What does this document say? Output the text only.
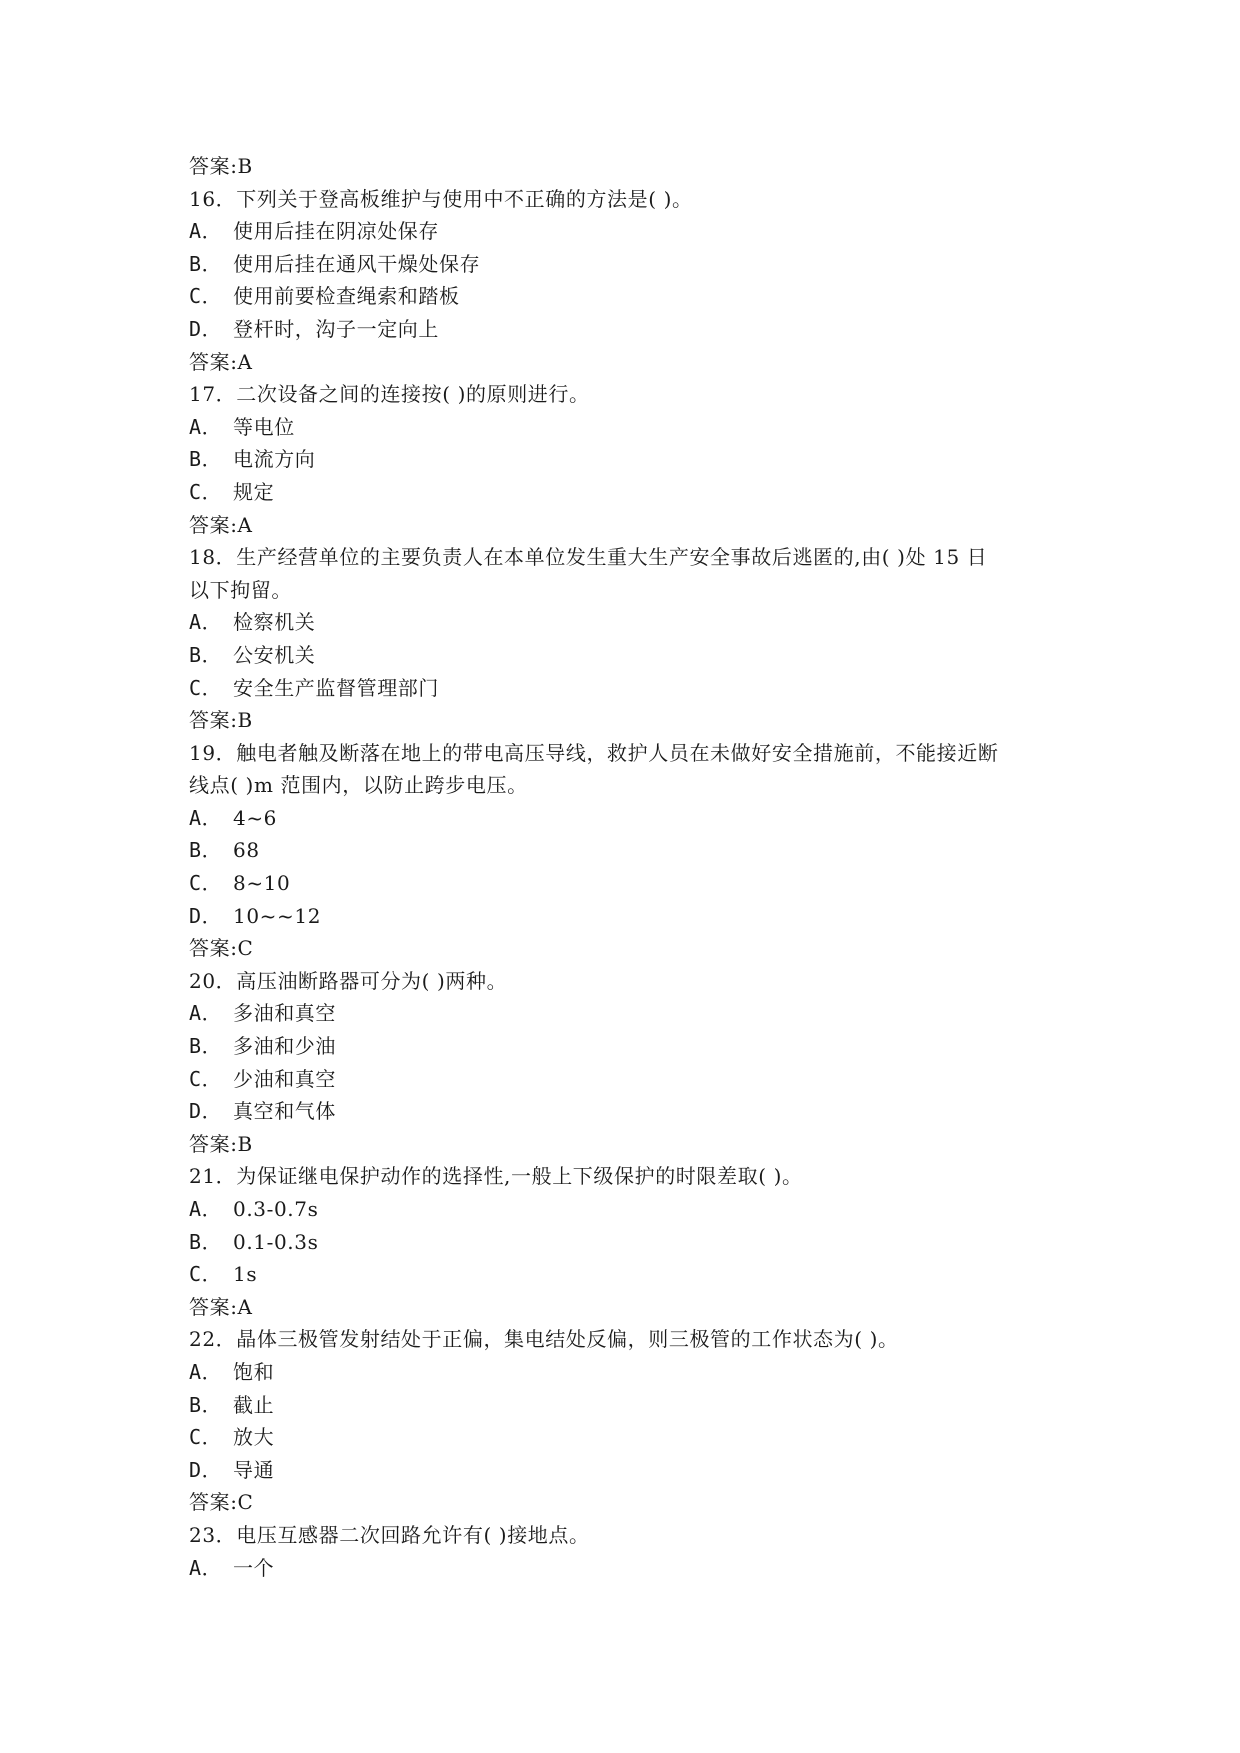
答案:B
16．下列关于登高板维护与使用中不正确的方法是( )。
A． 使用后挂在阴凉处保存
B． 使用后挂在通风干燥处保存
C． 使用前要检查绳索和踏板
D． 登杆时，沟子一定向上
答案:A
17．二次设备之间的连接按( )的原则进行。
A． 等电位
B． 电流方向
C． 规定
答案:A
18．生产经营单位的主要负责人在本单位发生重大生产安全事故后逃匿的,由( )处 15 日
以下拘留。
A． 检察机关
B． 公安机关
C． 安全生产监督管理部门
答案:B
19．触电者触及断落在地上的带电高压导线，救护人员在未做好安全措施前，不能接近断
线点( )m 范围内，以防止跨步电压。
A． 4~6
B． 68
C． 8~10
D． 10~~12
答案:C
20．高压油断路器可分为( )两种。
A． 多油和真空
B． 多油和少油
C． 少油和真空
D． 真空和气体
答案:B
21．为保证继电保护动作的选择性,一般上下级保护的时限差取( )。
A． 0.3-0.7s
B． 0.1-0.3s
C． 1s
答案:A
22．晶体三极管发射结处于正偏，集电结处反偏，则三极管的工作状态为( )。
A． 饱和
B． 截止
C． 放大
D． 导通
答案:C
23．电压互感器二次回路允许有( )接地点。
A． 一个
